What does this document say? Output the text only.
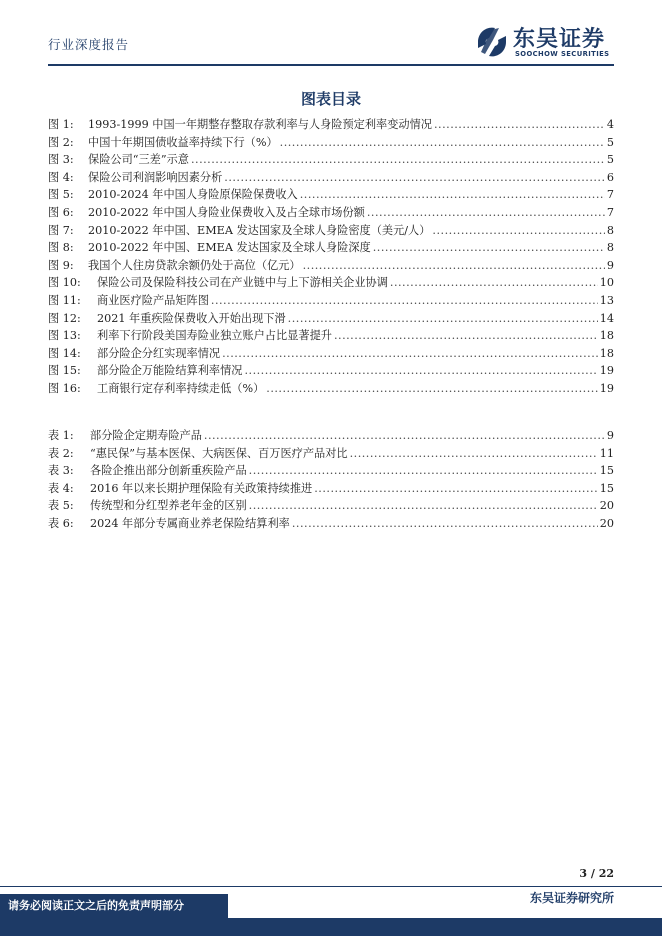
行业深度报告	东吴证券
SOOCHOW SECURITIES
图表目录
图 1:	1993-1999 中国一年期整存整取存款利率与人身险预定利率变动情况 .....	4
图 2:	中国十年期国债收益率持续下行（%） .....	5
图 3:	保险公司“三差”示意 .....	5
图 4:	保险公司利润影响因素分析 .....	6
图 5:	2010-2024 年中国人身险原保险保费收入 .....	7
图 6:	2010-2022 年中国人身险业保费收入及占全球市场份额 .....	7
图 7:	2010-2022 年中国、EMEA 发达国家及全球人身险密度（美元/人） .....	8
图 8:	2010-2022 年中国、EMEA 发达国家及全球人身险深度 .....	8
图 9:	我国个人住房贷款余额仍处于高位（亿元） .....	9
图 10:	保险公司及保险科技公司在产业链中与上下游相关企业协调 .....	10
图 11:	商业医疗险产品矩阵图 .....	13
图 12:	2021 年重疾险保费收入开始出现下滑 .....	14
图 13:	利率下行阶段美国寿险业独立账户占比显著提升 .....	18
图 14:	部分险企分红实现率情况 .....	18
图 15:	部分险企万能险结算利率情况 .....	19
图 16:	工商银行定存利率持续走低（%） .....	19
表 1:	部分险企定期寿险产品 .....	9
表 2:	“惠民保”与基本医保、大病医保、百万医疗产品对比 .....	11
表 3:	各险企推出部分创新重疾险产品 .....	15
表 4:	2016 年以来长期护理保险有关政策持续推进 .....	15
表 5:	传统型和分红型养老年金的区别 .....	20
表 6:	2024 年部分专属商业养老保险结算利率 .....	20
3 / 22
东吴证券研究所
请务必阅读正文之后的免责声明部分
